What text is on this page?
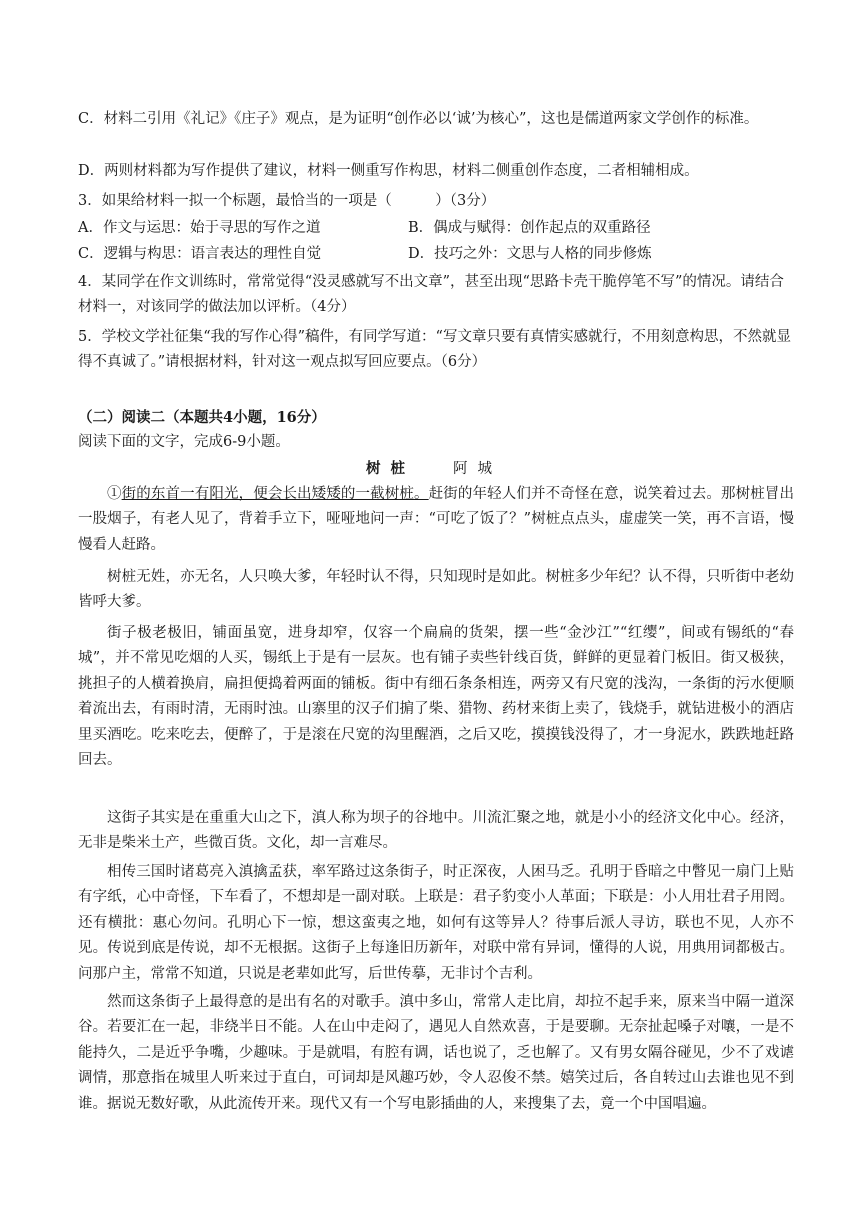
C．材料二引用《礼记》《庄子》观点，是为证明“创作必以‘诚’为核心”，这也是儒道两家文学创作的标准。

D．两则材料都为写作提供了建议，材料一侧重写作构思，材料二侧重创作态度，二者相辅相成。

3．如果给材料一拟一个标题，最恰当的一项是（　　　）（3分）

A．作文与运思：始于寻思的写作之道	B．偶成与赋得：创作起点的双重路径

C．逻辑与构思：语言表达的理性自觉	D．技巧之外：文思与人格的同步修炼

4．某同学在作文训练时，常常觉得“没灵感就写不出文章”，甚至出现“思路卡壳干脆停笔不写”的情况。请结合材料一，对该同学的做法加以评析。（4分）

5．学校文学社征集“我的写作心得”稿件，有同学写道：“写文章只要有真情实感就行，不用刻意构思，不然就显得不真诚了。”请根据材料，针对这一观点拟写回应要点。（6分）

（二）阅读二（本题共4小题，16分）
阅读下面的文字，完成6-9小题。
树桩	阿城

①街的东首一有阳光，便会长出矮矮的一截树桩。赶街的年轻人们并不奇怪在意，说笑着过去。那树桩冒出一股烟子，有老人见了，背着手立下，哑哑地问一声：“可吃了饭了？”树桩点点头，虚虚笑一笑，再不言语，慢慢看人赶路。

树桩无姓，亦无名，人只唤大爹，年轻时认不得，只知现时是如此。树桩多少年纪？认不得，只听街中老幼皆呼大爹。

街子极老极旧，铺面虽宽，进身却窄，仅容一个扁扁的货架，摆一些“金沙江”“红缨”，间或有锡纸的“春城”，并不常见吃烟的人买，锡纸上于是有一层灰。也有铺子卖些针线百货，鲜鲜的更显着门板旧。街又极狭，挑担子的人横着换肩，扁担便捣着两面的铺板。街中有细石条条相连，两旁又有尺宽的浅沟，一条街的污水便顺着流出去，有雨时清，无雨时浊。山寨里的汉子们掮了柴、猎物、药材来街上卖了，钱烧手，就钻进极小的酒店里买酒吃。吃来吃去，便醉了，于是滚在尺宽的沟里醒酒，之后又吃，摸摸钱没得了，才一身泥水，跌跌地赶路回去。

这街子其实是在重重大山之下，滇人称为坝子的谷地中。川流汇聚之地，就是小小的经济文化中心。经济，无非是柴米土产，些微百货。文化，却一言难尽。

相传三国时诸葛亮入滇擒孟获，率军路过这条街子，时正深夜，人困马乏。孔明于昏暗之中瞥见一扇门上贴有字纸，心中奇怪，下车看了，不想却是一副对联。上联是：君子豹变小人革面；下联是：小人用壮君子用罔。还有横批：惠心勿问。孔明心下一惊，想这蛮夷之地，如何有这等异人？待事后派人寻访，联也不见，人亦不见。传说到底是传说，却不无根据。这街子上每逢旧历新年，对联中常有异词，懂得的人说，用典用词都极古。问那户主，常常不知道，只说是老辈如此写，后世传摹，无非讨个吉利。

然而这条街子上最得意的是出有名的对歌手。滇中多山，常常人走比肩，却拉不起手来，原来当中隔一道深谷。若要汇在一起，非绕半日不能。人在山中走闷了，遇见人自然欢喜，于是要聊。无奈扯起嗓子对嚷，一是不能持久，二是近乎争嘴，少趣味。于是就唱，有腔有调，话也说了，乏也解了。又有男女隔谷碰见，少不了戏谑调情，那意指在城里人听来过于直白，可词却是风趣巧妙，令人忍俊不禁。嬉笑过后，各自转过山去谁也见不到谁。据说无数好歌，从此流传开来。现代又有一个写电影插曲的人，来搜集了去，竟一个中国唱遍。
